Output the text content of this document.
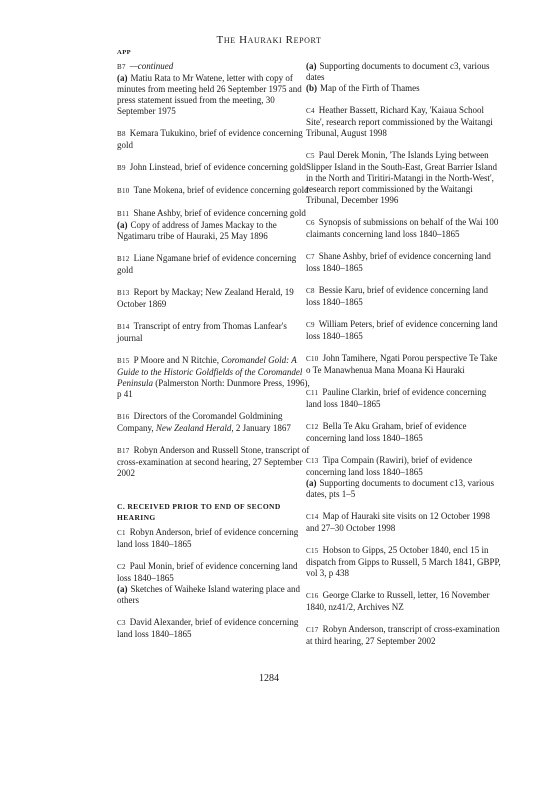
The Hauraki Report
APP
B7 —continued
(a) Matiu Rata to Mr Watene, letter with copy of minutes from meeting held 26 September 1975 and press statement issued from the meeting, 30 September 1975
B8 Kemara Tukukino, brief of evidence concerning gold
B9 John Linstead, brief of evidence concerning gold
B10 Tane Mokena, brief of evidence concerning gold
B11 Shane Ashby, brief of evidence concerning gold
(a) Copy of address of James Mackay to the Ngatimaru tribe of Hauraki, 25 May 1896
B12 Liane Ngamane brief of evidence concerning gold
B13 Report by Mackay; New Zealand Herald, 19 October 1869
B14 Transcript of entry from Thomas Lanfear's journal
B15 P Moore and N Ritchie, Coromandel Gold: A Guide to the Historic Goldfields of the Coromandel Peninsula (Palmerston North: Dunmore Press, 1996), p 41
B16 Directors of the Coromandel Goldmining Company, New Zealand Herald, 2 January 1867
B17 Robyn Anderson and Russell Stone, transcript of cross-examination at second hearing, 27 September 2002
C. RECEIVED PRIOR TO END OF SECOND HEARING
C1 Robyn Anderson, brief of evidence concerning land loss 1840–1865
C2 Paul Monin, brief of evidence concerning land loss 1840–1865
(a) Sketches of Waiheke Island watering place and others
C3 David Alexander, brief of evidence concerning land loss 1840–1865
(a) Supporting documents to document c3, various dates
(b) Map of the Firth of Thames
C4 Heather Bassett, Richard Kay, 'Kaiaua School Site', research report commissioned by the Waitangi Tribunal, August 1998
C5 Paul Derek Monin, 'The Islands Lying between Slipper Island in the South-East, Great Barrier Island in the North and Tiritiri-Matangi in the North-West', research report commissioned by the Waitangi Tribunal, December 1996
C6 Synopsis of submissions on behalf of the Wai 100 claimants concerning land loss 1840–1865
C7 Shane Ashby, brief of evidence concerning land loss 1840–1865
C8 Bessie Karu, brief of evidence concerning land loss 1840–1865
C9 William Peters, brief of evidence concerning land loss 1840–1865
C10 John Tamihere, Ngati Porou perspective Te Take o Te Manawhenua Mana Moana Ki Hauraki
C11 Pauline Clarkin, brief of evidence concerning land loss 1840–1865
C12 Bella Te Aku Graham, brief of evidence concerning land loss 1840–1865
C13 Tipa Compain (Rawiri), brief of evidence concerning land loss 1840–1865
(a) Supporting documents to document c13, various dates, pts 1–5
C14 Map of Hauraki site visits on 12 October 1998 and 27–30 October 1998
C15 Hobson to Gipps, 25 October 1840, encl 15 in dispatch from Gipps to Russell, 5 March 1841, GBPP, vol 3, p 438
C16 George Clarke to Russell, letter, 16 November 1840, nz41/2, Archives NZ
C17 Robyn Anderson, transcript of cross-examination at third hearing, 27 September 2002
1284
